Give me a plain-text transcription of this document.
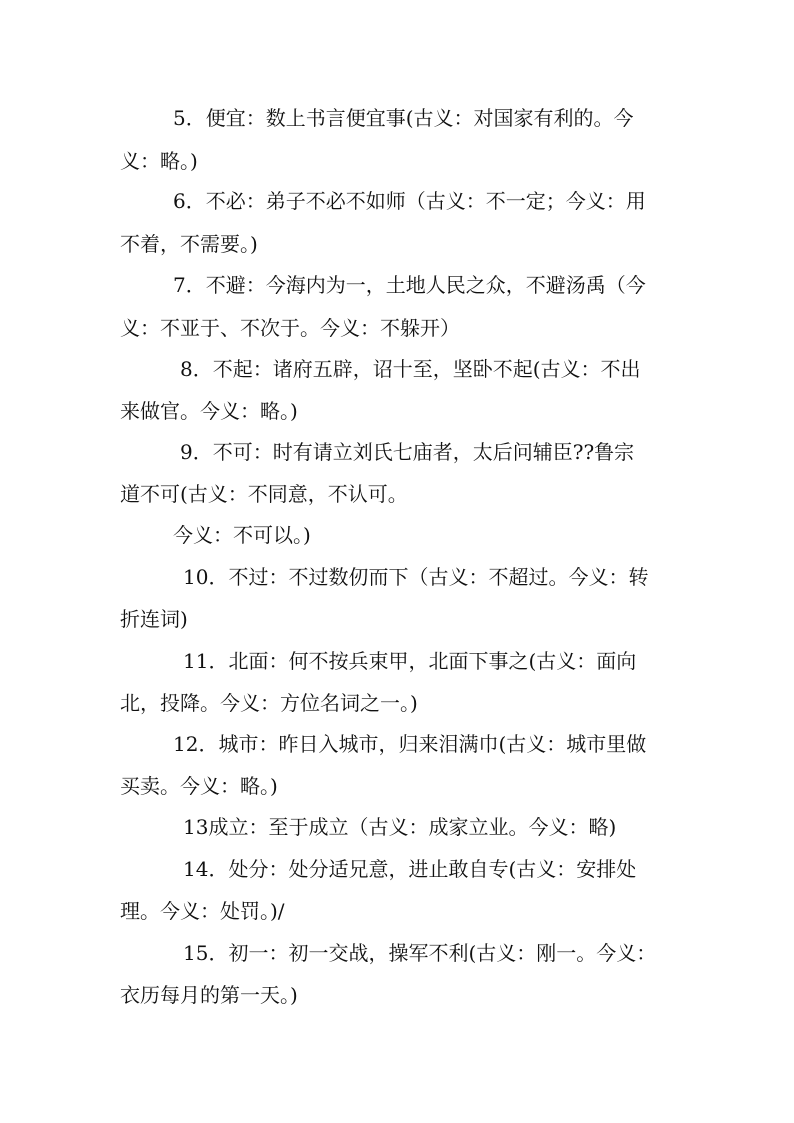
5．便宜：数上书言便宜事(古义：对国家有利的。今
义：略。)
6．不必：弟子不必不如师（古义：不一定；今义：用
不着，不需要。)
7．不避：今海内为一，土地人民之众，不避汤禹（今
义：不亚于、不次于。今义：不躲开）
8．不起：诸府五辟，诏十至，坚卧不起(古义：不出
来做官。今义：略。)
9．不可：时有请立刘氏七庙者，太后问辅臣??鲁宗
道不可(古义：不同意，不认可。
今义：不可以。)
10．不过：不过数仞而下（古义：不超过。今义：转
折连词)
11．北面：何不按兵束甲，北面下事之(古义：面向
北，投降。今义：方位名词之一。)
12．城市：昨日入城市，归来泪满巾(古义：城市里做
买卖。今义：略。)
13成立：至于成立（古义：成家立业。今义：略)
14．处分：处分适兄意，进止敢自专(古义：安排处
理。今义：处罚。)/
15．初一：初一交战，操军不利(古义：刚一。今义：
衣历每月的第一天。)
